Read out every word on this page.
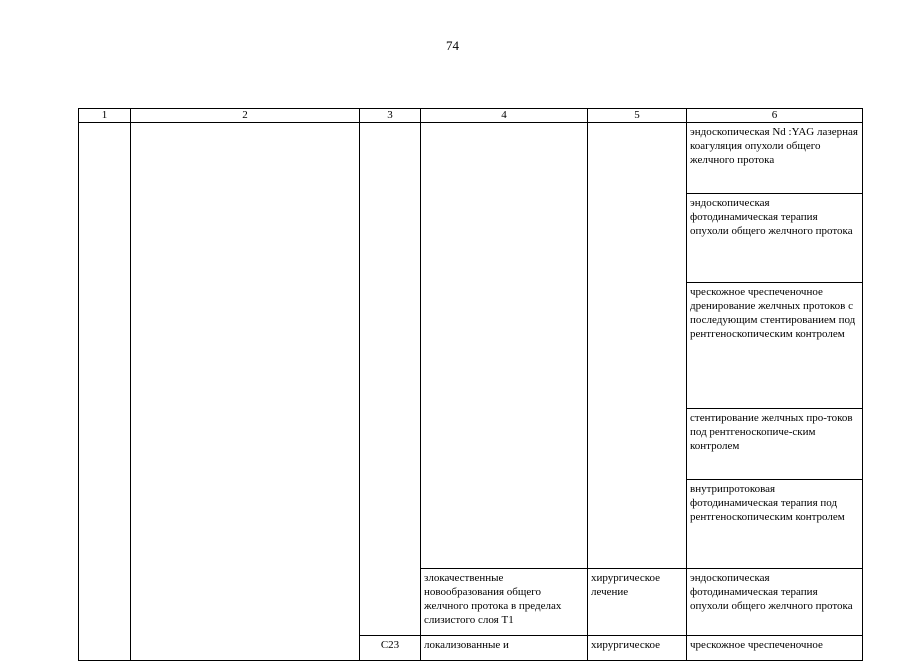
74
1	2	3	4	5	6
					эндоскопическая Nd :YAG лазерная коагуляция опухоли общего желчного протока
					эндоскопическая фотодинамическая терапия опухоли общего желчного протока
					чрескожное чреспеченочное дренирование желчных протоков с последующим стентированием под рентгеноскопическим контролем
					стентирование желчных про-токов под рентгеноскопиче-ским контролем
					внутрипротоковая фотодинамическая терапия под рентгеноскопическим контролем
			злокачественные новообразования общего желчного протока в пределах слизистого слоя Т1	хирургическое лечение	эндоскопическая фотодинамическая терапия опухоли общего желчного протока
		C23	локализованные и	хирургическое	чрескожное чреспеченочное
